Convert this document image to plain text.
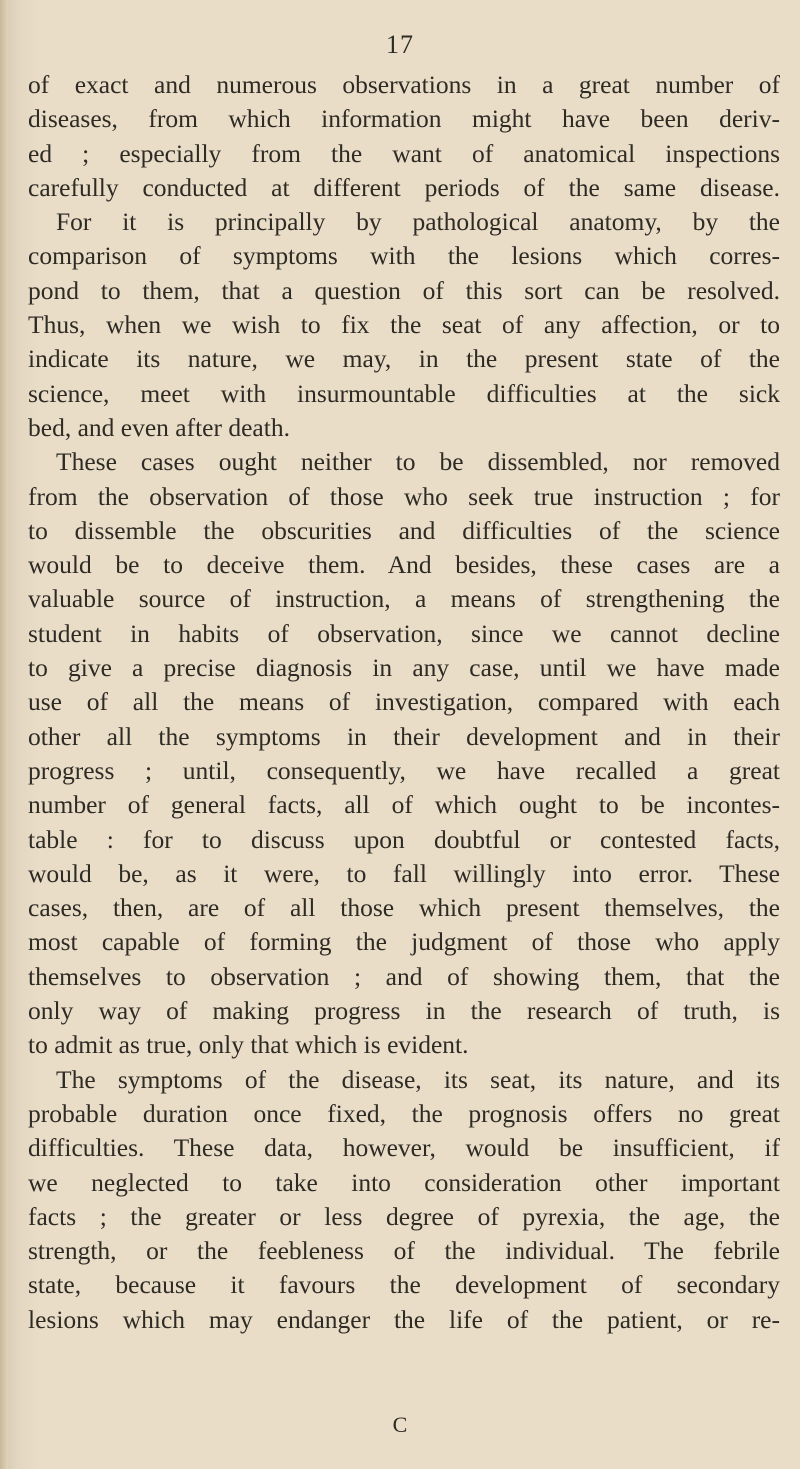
17
of exact and numerous observations in a great number of
diseases, from which information might have been deriv-
ed ; especially from the want of anatomical inspections
carefully conducted at different periods of the same disease.
For it is principally by pathological anatomy, by the
comparison of symptoms with the lesions which corres-
pond to them, that a question of this sort can be resolved.
Thus, when we wish to fix the seat of any affection, or to
indicate its nature, we may, in the present state of the
science, meet with insurmountable difficulties at the sick
bed, and even after death.
These cases ought neither to be dissembled, nor removed
from the observation of those who seek true instruction ; for
to dissemble the obscurities and difficulties of the science
would be to deceive them. And besides, these cases are a
valuable source of instruction, a means of strengthening the
student in habits of observation, since we cannot decline
to give a precise diagnosis in any case, until we have made
use of all the means of investigation, compared with each
other all the symptoms in their development and in their
progress ; until, consequently, we have recalled a great
number of general facts, all of which ought to be incontes-
table : for to discuss upon doubtful or contested facts,
would be, as it were, to fall willingly into error. These
cases, then, are of all those which present themselves, the
most capable of forming the judgment of those who apply
themselves to observation ; and of showing them, that the
only way of making progress in the research of truth, is
to admit as true, only that which is evident.
The symptoms of the disease, its seat, its nature, and its
probable duration once fixed, the prognosis offers no great
difficulties. These data, however, would be insufficient, if
we neglected to take into consideration other important
facts ; the greater or less degree of pyrexia, the age, the
strength, or the feebleness of the individual. The febrile
state, because it favours the development of secondary
lesions which may endanger the life of the patient, or re-
C
